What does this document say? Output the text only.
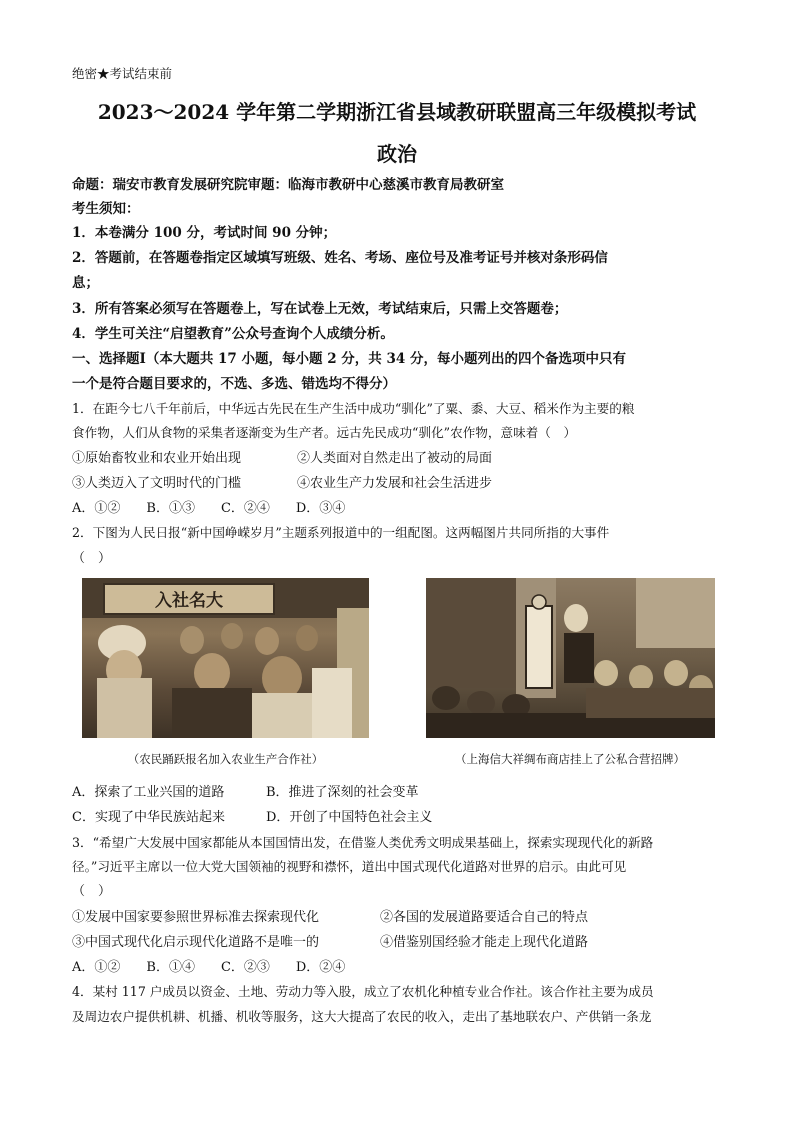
绝密★考试结束前
2023～2024 学年第二学期浙江省县域教研联盟高三年级模拟考试
政治
命题：瑞安市教育发展研究院审题：临海市教研中心慈溪市教育局教研室
考生须知：
1．本卷满分 100 分，考试时间 90 分钟；
2．答题前，在答题卷指定区域填写班级、姓名、考场、座位号及准考证号并核对条形码信
息；
3．所有答案必须写在答题卷上，写在试卷上无效，考试结束后，只需上交答题卷；
4．学生可关注“启望教育”公众号查询个人成绩分析。
一、选择题Ⅰ（本大题共 17 小题，每小题 2 分，共 34 分，每小题列出的四个备选项中只有
一个是符合题目要求的，不选、多选、错选均不得分）
1．在距今七八千年前后，中华远古先民在生产生活中成功“驯化”了粟、黍、大豆、稻米作为主要的粮
食作物，人们从食物的采集者逐渐变为生产者。远古先民成功“驯化”农作物，意味着（　）
①原始畜牧业和农业开始出现	②人类面对自然走出了被动的局面
③人类迈入了文明时代的门槛	④农业生产力发展和社会生活进步
A．①②　　B．①③　　C．②④　　D．③④
2．下图为人民日报“新中国峥嵘岁月”主题系列报道中的一组配图。这两幅图片共同所指的大事件
（　）
入社名大
（农民踊跃报名加入农业生产合作社）	（上海信大祥绸布商店挂上了公私合营招牌）
A．探索了工业兴国的道路	B．推进了深刻的社会变革
C．实现了中华民族站起来	D．开创了中国特色社会主义
3．“希望广大发展中国家都能从本国国情出发，在借鉴人类优秀文明成果基础上，探索实现现代化的新路
径。”习近平主席以一位大党大国领袖的视野和襟怀，道出中国式现代化道路对世界的启示。由此可见
（　）
①发展中国家要参照世界标准去探索现代化	②各国的发展道路要适合自己的特点
③中国式现代化启示现代化道路不是唯一的	④借鉴别国经验才能走上现代化道路
A．①②　　B．①④　　C．②③　　D．②④
4．某村 117 户成员以资金、土地、劳动力等入股，成立了农机化种植专业合作社。该合作社主要为成员
及周边农户提供机耕、机播、机收等服务，这大大提高了农民的收入，走出了基地联农户、产供销一条龙
